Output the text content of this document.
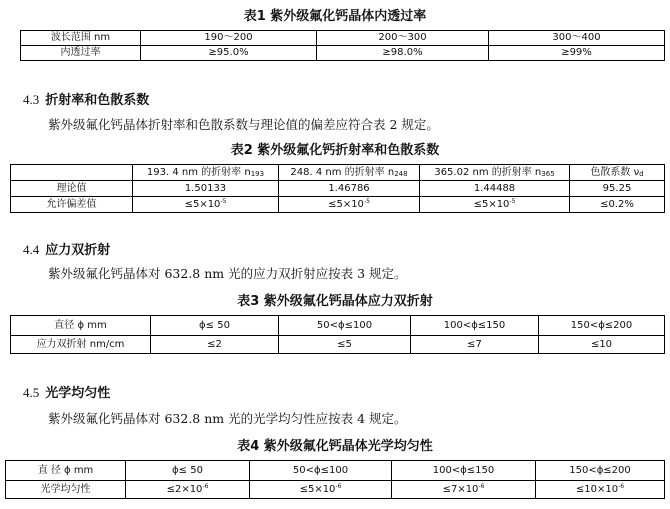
表1 紫外级氟化钙晶体内透过率
波长范围 nm	190～200	200～300	300～400
内透过率	≥95.0%	≥98.0%	≥99%
4.3 折射率和色散系数
紫外级氟化钙晶体折射率和色散系数与理论值的偏差应符合表 2 规定。
表2 紫外级氟化钙折射率和色散系数
	193. 4 nm 的折射率 $n_{193}$	248. 4 nm 的折射率 $n_{248}$	365.02 nm 的折射率 $n_{365}$	色散系数 $\nu_d$
理论值	1.50133	1.46786	1.44488	95.25
允许偏差值	$\le 5\times 10^{-5}$	$\le 5\times 10^{-5}$	$\le 5\times 10^{-5}$	≤0.2%
4.4 应力双折射
紫外级氟化钙晶体对 632.8 nm 光的应力双折射应按表 3 规定。
表3 紫外级氟化钙晶体应力双折射
直径 ϕ mm	ϕ≤ 50	50<ϕ≤100	100<ϕ≤150	150<ϕ≤200
应力双折射 nm/cm	≤2	≤5	≤7	≤10
4.5 光学均匀性
紫外级氟化钙晶体对 632.8 nm 光的光学均匀性应按表 4 规定。
表4 紫外级氟化钙晶体光学均匀性
直 径 ϕ mm	ϕ≤ 50	50<ϕ≤100	100<ϕ≤150	150<ϕ≤200
光学均匀性	$\le 2\times 10^{-6}$	$\le 5\times 10^{-6}$	$\le 7\times 10^{-6}$	$\le 10\times 10^{-6}$
